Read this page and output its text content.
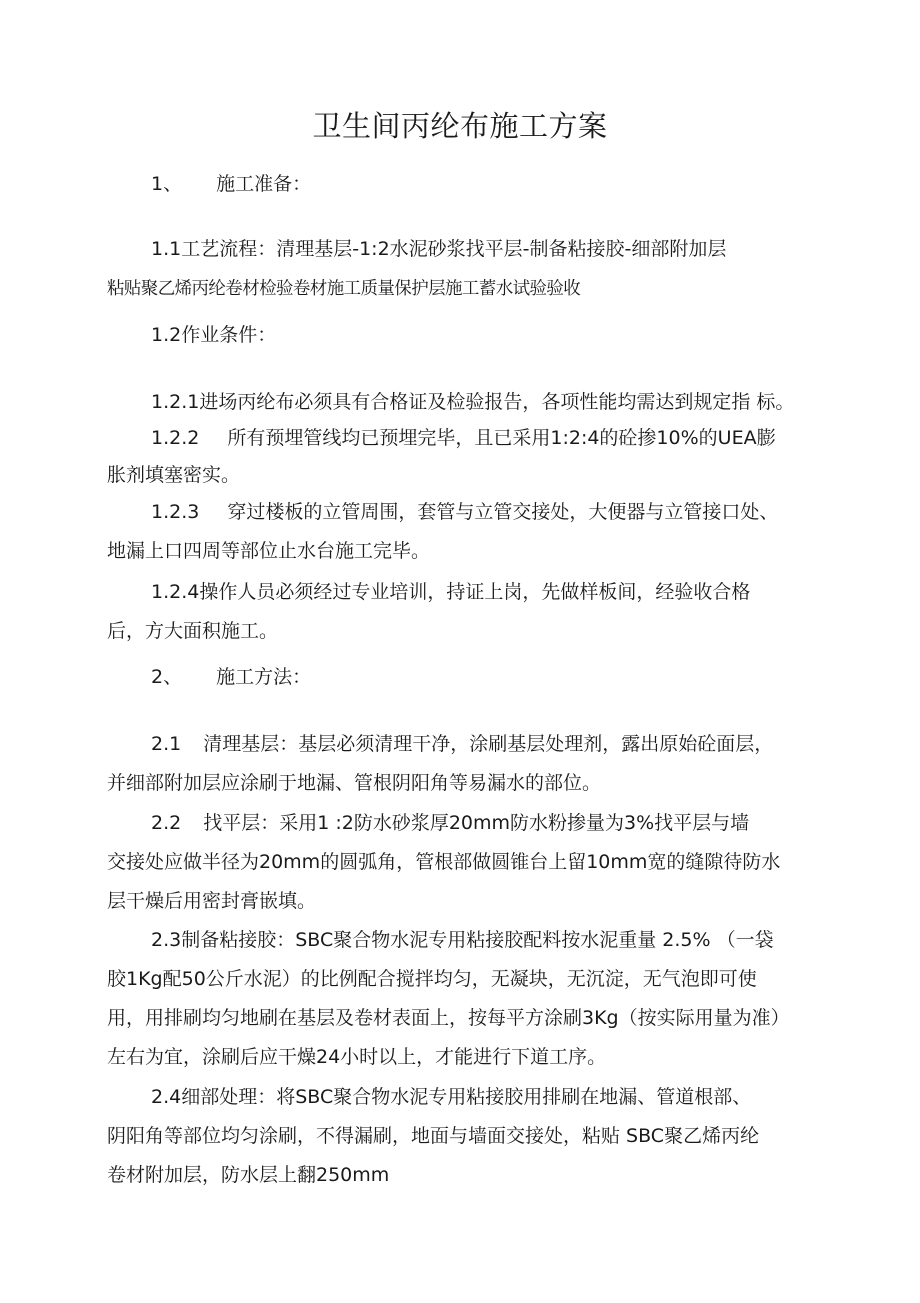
卫生间丙纶布施工方案
1、 施工准备：
1.1工艺流程：清理基层-1:2水泥砂浆找平层-制备粘接胶-细部附加层
粘贴聚乙烯丙纶卷材检验卷材施工质量保护层施工蓄水试验验收
1.2作业条件：
1.2.1进场丙纶布必须具有合格证及检验报告，各项性能均需达到规定指 标。
1.2.2 所有预埋管线均已预埋完毕，且已采用1:2:4的砼掺10%的UEA膨
胀剂填塞密实。
1.2.3 穿过楼板的立管周围，套管与立管交接处，大便器与立管接口处、
地漏上口四周等部位止水台施工完毕。
1.2.4操作人员必须经过专业培训，持证上岗，先做样板间，经验收合格
后，方大面积施工。
2、 施工方法：
2.1 清理基层：基层必须清理干净，涂刷基层处理剂，露出原始砼面层，
并细部附加层应涂刷于地漏、管根阴阳角等易漏水的部位。
2.2 找平层：采用1 :2防水砂浆厚20mm防水粉掺量为3%找平层与墙
交接处应做半径为20mm的圆弧角，管根部做圆锥台上留10mm宽的缝隙待防水
层干燥后用密封膏嵌填。
2.3制备粘接胶：SBC聚合物水泥专用粘接胶配料按水泥重量 2.5% （一袋
胶1Kg配50公斤水泥）的比例配合搅拌均匀，无凝块，无沉淀，无气泡即可使
用，用排刷均匀地刷在基层及卷材表面上，按每平方涂刷3Kg（按实际用量为准）
左右为宜，涂刷后应干燥24小时以上，才能进行下道工序。
2.4细部处理：将SBC聚合物水泥专用粘接胶用排刷在地漏、管道根部、
阴阳角等部位均匀涂刷，不得漏刷，地面与墙面交接处，粘贴 SBC聚乙烯丙纶
卷材附加层，防水层上翻250mm
